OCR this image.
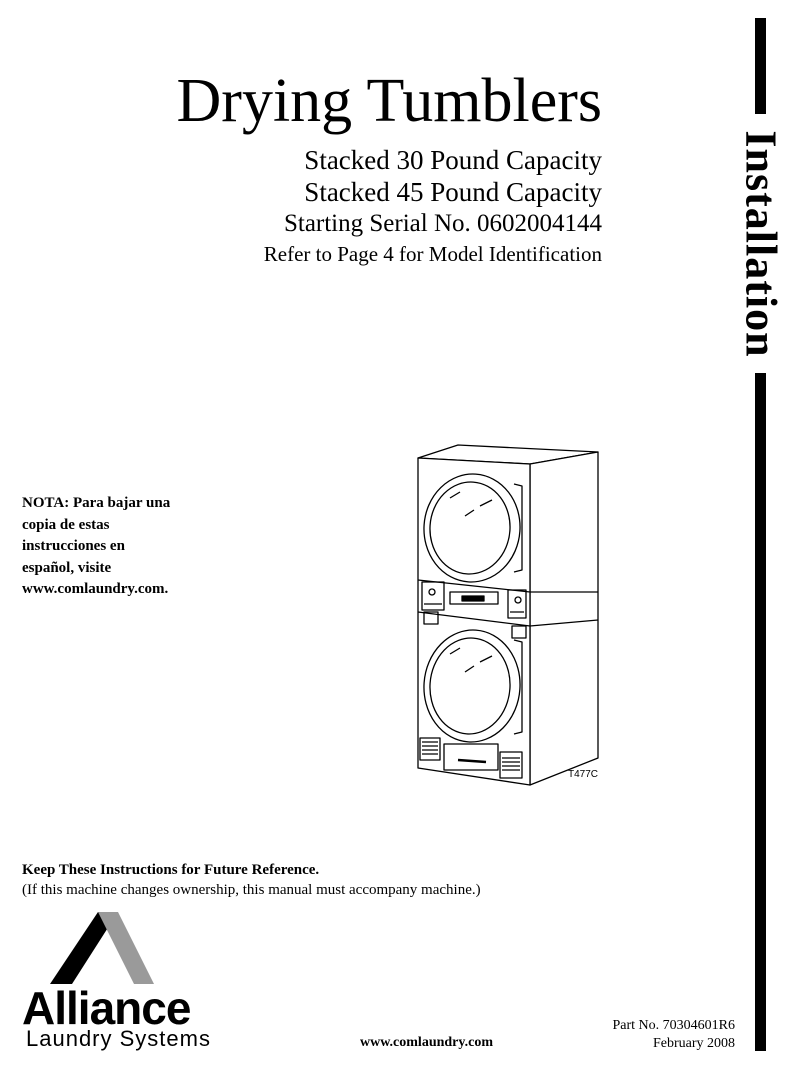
Drying Tumblers
Stacked 30 Pound Capacity
Stacked 45 Pound Capacity
Starting Serial No. 0602004144
Refer to Page 4 for Model Identification	Installation
NOTA: Para bajar una
copia de estas
instrucciones en
español, visite
www.comlaundry.com.
T477C
Keep These Instructions for Future Reference.
(If this machine changes ownership, this manual must accompany machine.)
Alliance
Laundry Systems	www.comlaundry.com
Part No. 70304601R6
February 2008
